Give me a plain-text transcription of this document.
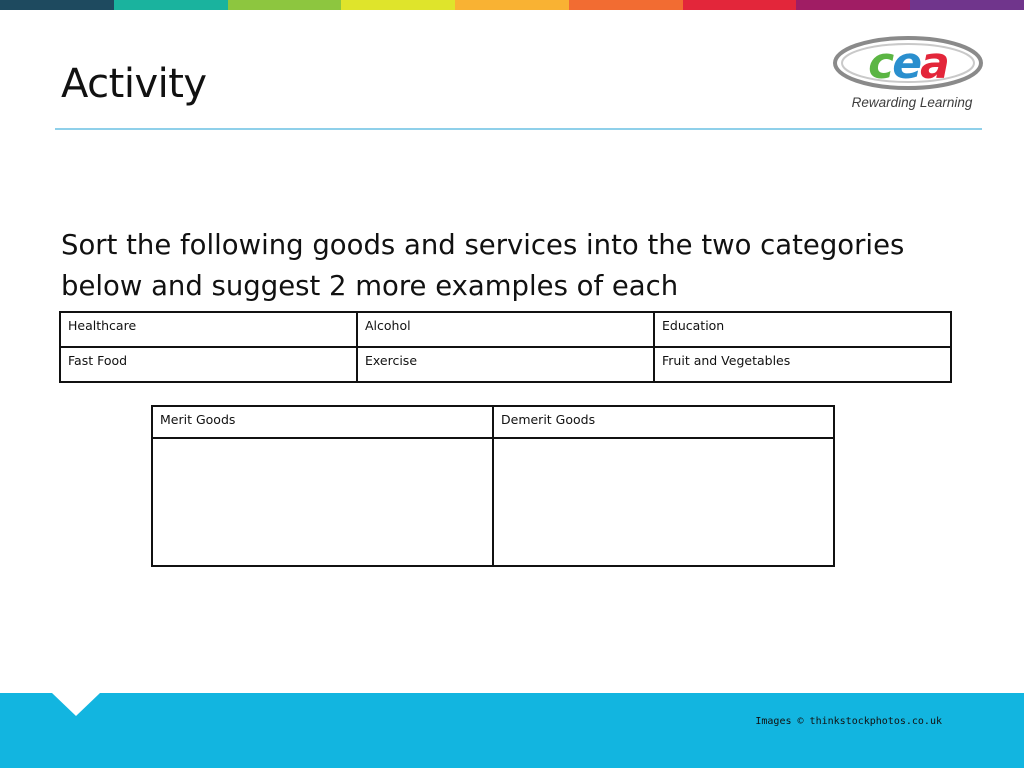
Activity	cea
Rewarding Learning

Sort the following goods and services into the two categories below and suggest 2 more examples of each

Healthcare	Alcohol	Education
Fast Food	Exercise	Fruit and Vegetables
Merit Goods	Demerit Goods

Images © thinkstockphotos.co.uk
